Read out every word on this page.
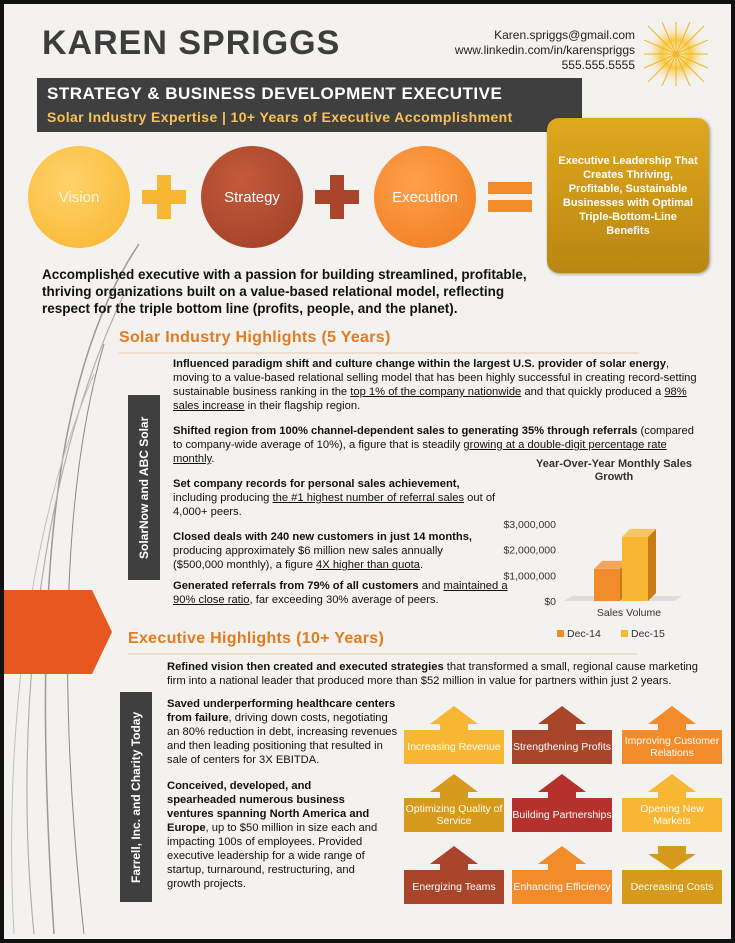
KAREN SPRIGGS	Karen.spriggs@gmail.com
www.linkedin.com/in/karenspriggs
555.555.5555
STRATEGY & BUSINESS DEVELOPMENT EXECUTIVE
Solar Industry Expertise | 10+ Years of Executive Accomplishment
Vision	Strategy	Execution
Executive Leadership That Creates Thriving, Profitable, Sustainable Businesses with Optimal Triple-Bottom-Line Benefits
Accomplished executive with a passion for building streamlined, profitable, thriving organizations built on a value-based relational model, reflecting respect for the triple bottom line (profits, people, and the planet).
Solar Industry Highlights (5 Years)
SolarNow and ABC Solar
Influenced paradigm shift and culture change within the largest U.S. provider of solar energy, moving to a value-based relational selling model that has been highly successful in creating record-setting sustainable business ranking in the top 1% of the company nationwide and that quickly produced a 98% sales increase in their flagship region.
Shifted region from 100% channel-dependent sales to generating 35% through referrals (compared to company-wide average of 10%), a figure that is steadily growing at a double-digit percentage rate monthly.
Set company records for personal sales achievement, including producing the #1 highest number of referral sales out of 4,000+ peers.
Closed deals with 240 new customers in just 14 months, producing approximately $6 million new sales annually ($500,000 monthly), a figure 4X higher than quota.
Generated referrals from 79% of all customers and maintained a 90% close ratio, far exceeding 30% average of peers.
Year-Over-Year Monthly Sales Growth
$0
$1,000,000
$2,000,000
$3,000,000
Sales Volume
Dec-14	Dec-15
Executive Highlights (10+ Years)
Farrell, Inc. and Charity Today
Refined vision then created and executed strategies that transformed a small, regional cause marketing firm into a national leader that produced more than $52 million in value for partners within just 2 years.
Saved underperforming healthcare centers from failure, driving down costs, negotiating an 80% reduction in debt, increasing revenues and then leading positioning that resulted in sale of centers for 3X EBITDA.
Conceived, developed, and spearheaded numerous business ventures spanning North America and Europe, up to $50 million in size each and impacting 100s of employees. Provided executive leadership for a wide range of startup, turnaround, restructuring, and growth projects.
Increasing Revenue	Strengthening Profits Improving Customer Relations
Optimizing Quality of Service	Building Partnerships	Opening New Markets
Energizing Teams	Enhancing Efficiency	Decreasing Costs
